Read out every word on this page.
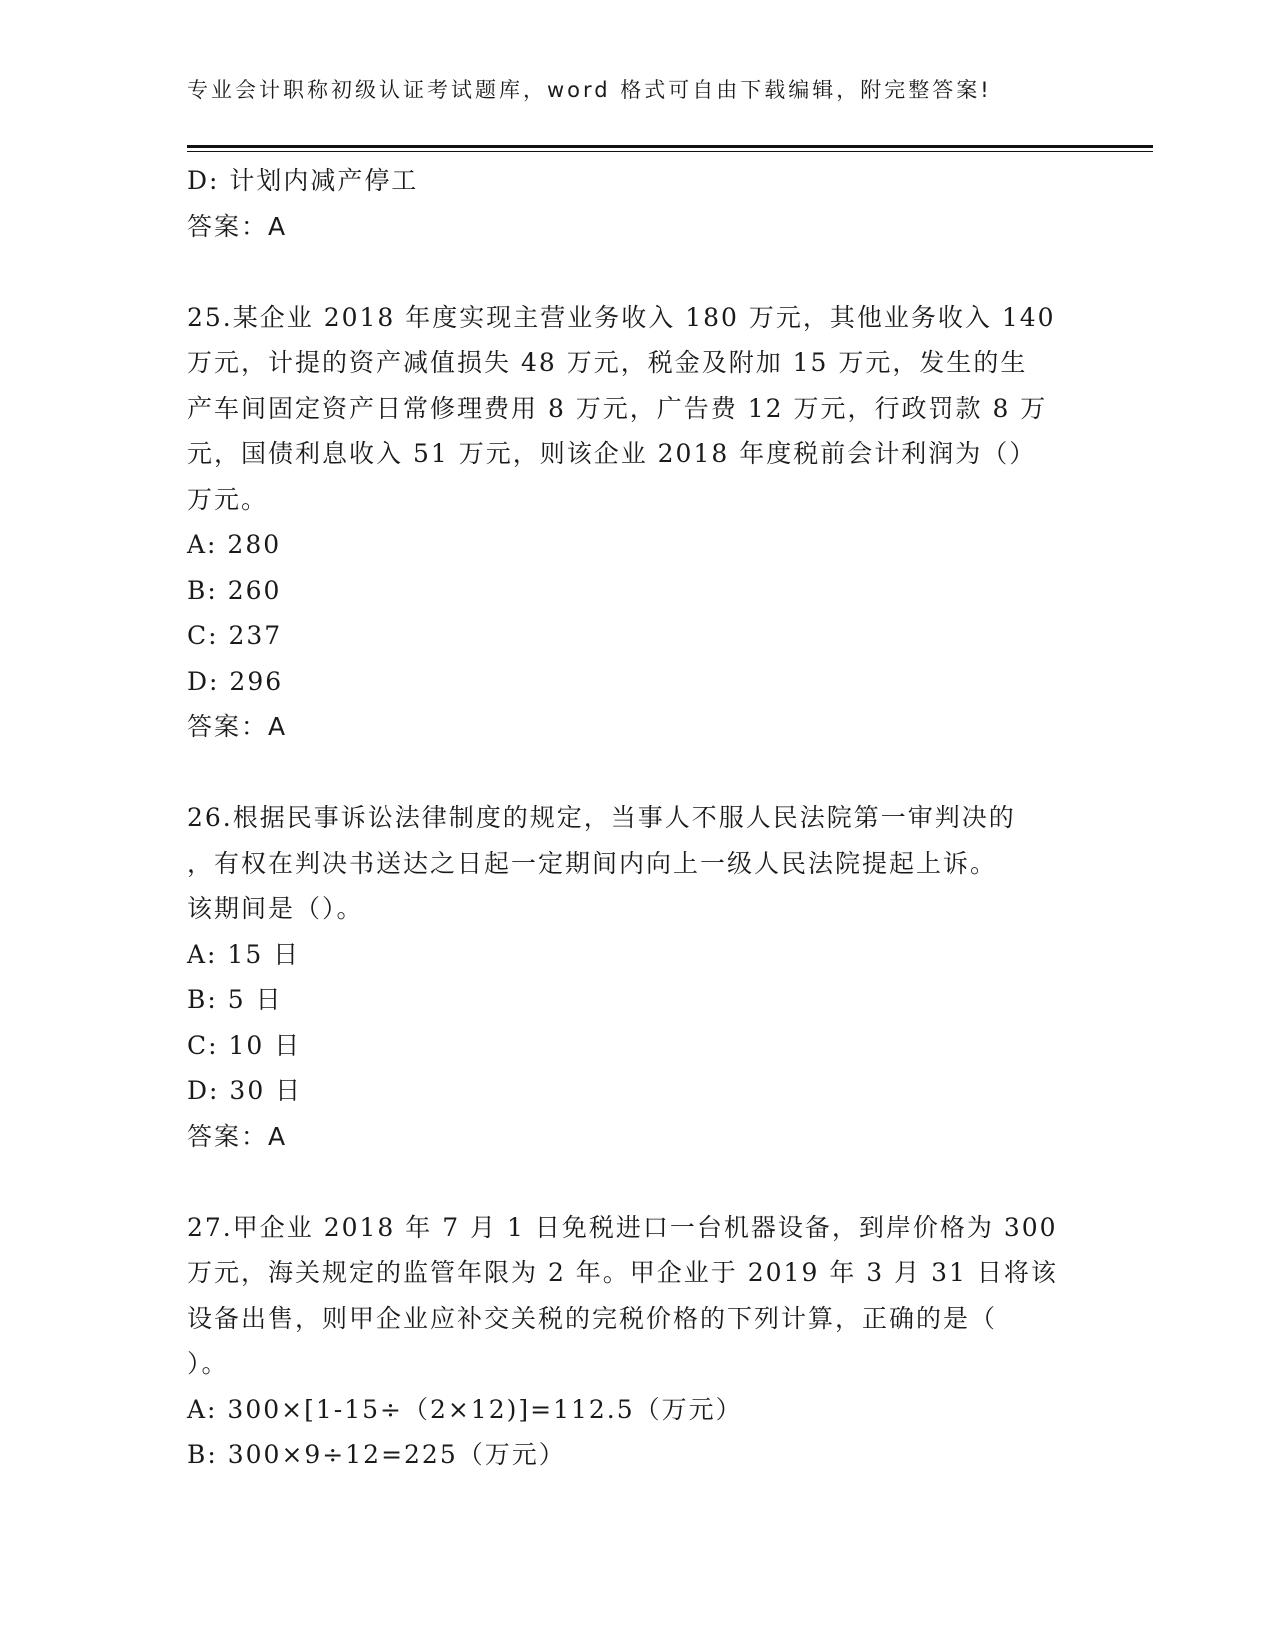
专业会计职称初级认证考试题库，word 格式可自由下载编辑，附完整答案!
D: 计划内减产停工
答案：A
25.某企业 2018 年度实现主营业务收入 180 万元，其他业务收入 140
万元，计提的资产减值损失 48 万元，税金及附加 15 万元，发生的生
产车间固定资产日常修理费用 8 万元，广告费 12 万元，行政罚款 8 万
元，国债利息收入 51 万元，则该企业 2018 年度税前会计利润为（）
万元。
A: 280
B: 260
C: 237
D: 296
答案：A
26.根据民事诉讼法律制度的规定，当事人不服人民法院第一审判决的
，有权在判决书送达之日起一定期间内向上一级人民法院提起上诉。
该期间是（）。
A: 15 日
B: 5 日
C: 10 日
D: 30 日
答案：A
27.甲企业 2018 年 7 月 1 日免税进口一台机器设备，到岸价格为 300
万元，海关规定的监管年限为 2 年。甲企业于 2019 年 3 月 31 日将该
设备出售，则甲企业应补交关税的完税价格的下列计算，正确的是（
）。
A: 300×[1-15÷（2×12)]=112.5（万元）
B: 300×9÷12=225（万元）
